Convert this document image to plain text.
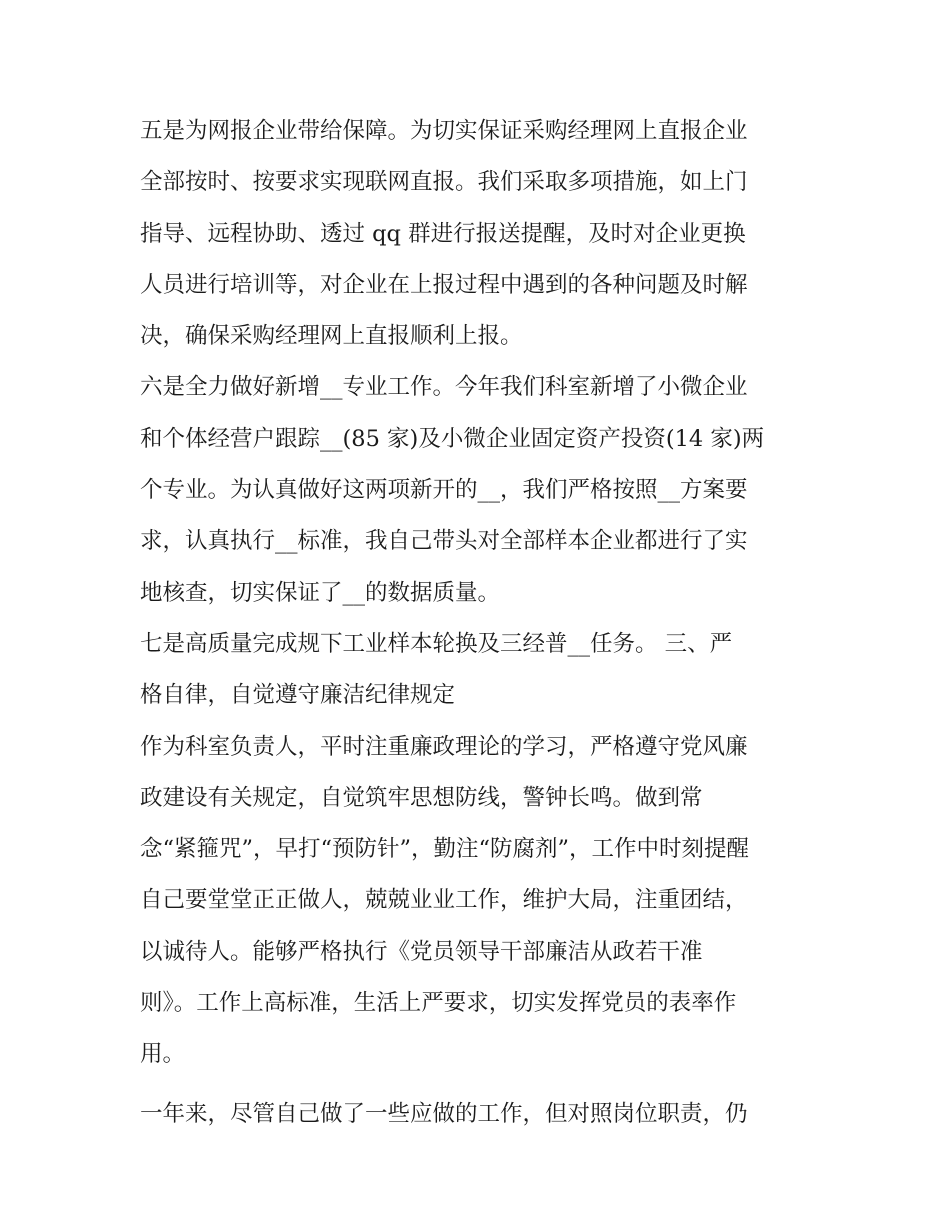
五是为网报企业带给保障。为切实保证采购经理网上直报企业
全部按时、按要求实现联网直报。我们采取多项措施，如上门
指导、远程协助、透过 qq 群进行报送提醒，及时对企业更换
人员进行培训等，对企业在上报过程中遇到的各种问题及时解
决，确保采购经理网上直报顺利上报。
六是全力做好新增__专业工作。今年我们科室新增了小微企业
和个体经营户跟踪__(85 家)及小微企业固定资产投资(14 家)两
个专业。为认真做好这两项新开的__，我们严格按照__方案要
求，认真执行__标准，我自己带头对全部样本企业都进行了实
地核查，切实保证了__的数据质量。
七是高质量完成规下工业样本轮换及三经普__任务。 三、严
格自律，自觉遵守廉洁纪律规定
作为科室负责人，平时注重廉政理论的学习，严格遵守党风廉
政建设有关规定，自觉筑牢思想防线，警钟长鸣。做到常
念“紧箍咒”，早打“预防针”，勤注“防腐剂”，工作中时刻提醒
自己要堂堂正正做人，兢兢业业工作，维护大局，注重团结，
以诚待人。能够严格执行《党员领导干部廉洁从政若干准
则》。工作上高标准，生活上严要求，切实发挥党员的表率作
用。
一年来，尽管自己做了一些应做的工作，但对照岗位职责，仍
